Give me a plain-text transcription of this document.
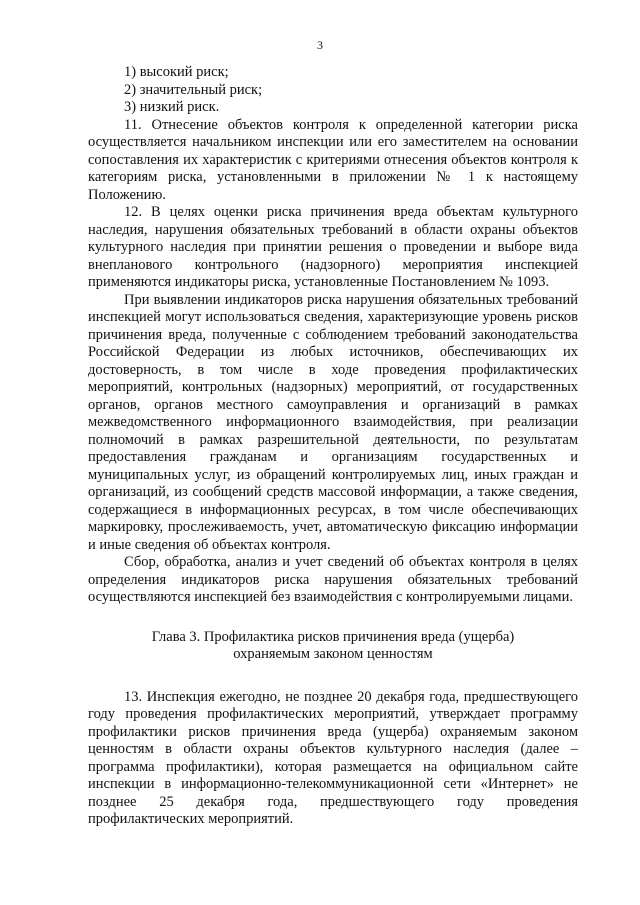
3

1) высокий риск;

2) значительный риск;

3) низкий риск.

11. Отнесение объектов контроля к определенной категории риска осуществляется начальником инспекции или его заместителем на основании сопоставления их характеристик с критериями отнесения объектов контроля к категориям риска, установленными в приложении № 1 к настоящему Положению.

12. В целях оценки риска причинения вреда объектам культурного наследия, нарушения обязательных требований в области охраны объектов культурного наследия при принятии решения о проведении и выборе вида внепланового контрольного (надзорного) мероприятия инспекцией применяются индикаторы риска, установленные Постановлением № 1093.

При выявлении индикаторов риска нарушения обязательных требований инспекцией могут использоваться сведения, характеризующие уровень рисков причинения вреда, полученные с соблюдением требований законодательства Российской Федерации из любых источников, обеспечивающих их достоверность, в том числе в ходе проведения профилактических мероприятий, контрольных (надзорных) мероприятий, от государственных органов, органов местного самоуправления и организаций в рамках межведомственного информационного взаимодействия, при реализации полномочий в рамках разрешительной деятельности, по результатам предоставления гражданам и организациям государственных и муниципальных услуг, из обращений контролируемых лиц, иных граждан и организаций, из сообщений средств массовой информации, а также сведения, содержащиеся в информационных ресурсах, в том числе обеспечивающих маркировку, прослеживаемость, учет, автоматическую фиксацию информации и иные сведения об объектах контроля.

Сбор, обработка, анализ и учет сведений об объектах контроля в целях определения индикаторов риска нарушения обязательных требований осуществляются инспекцией без взаимодействия с контролируемыми лицами.

Глава 3. Профилактика рисков причинения вреда (ущерба)
охраняемым законом ценностям

13. Инспекция ежегодно, не позднее 20 декабря года, предшествующего году проведения профилактических мероприятий, утверждает программу профилактики рисков причинения вреда (ущерба) охраняемым законом ценностям в области охраны объектов культурного наследия (далее – программа профилактики), которая размещается на официальном сайте инспекции в информационно-телекоммуникационной сети «Интернет» не позднее 25 декабря года, предшествующего году проведения профилактических мероприятий.
